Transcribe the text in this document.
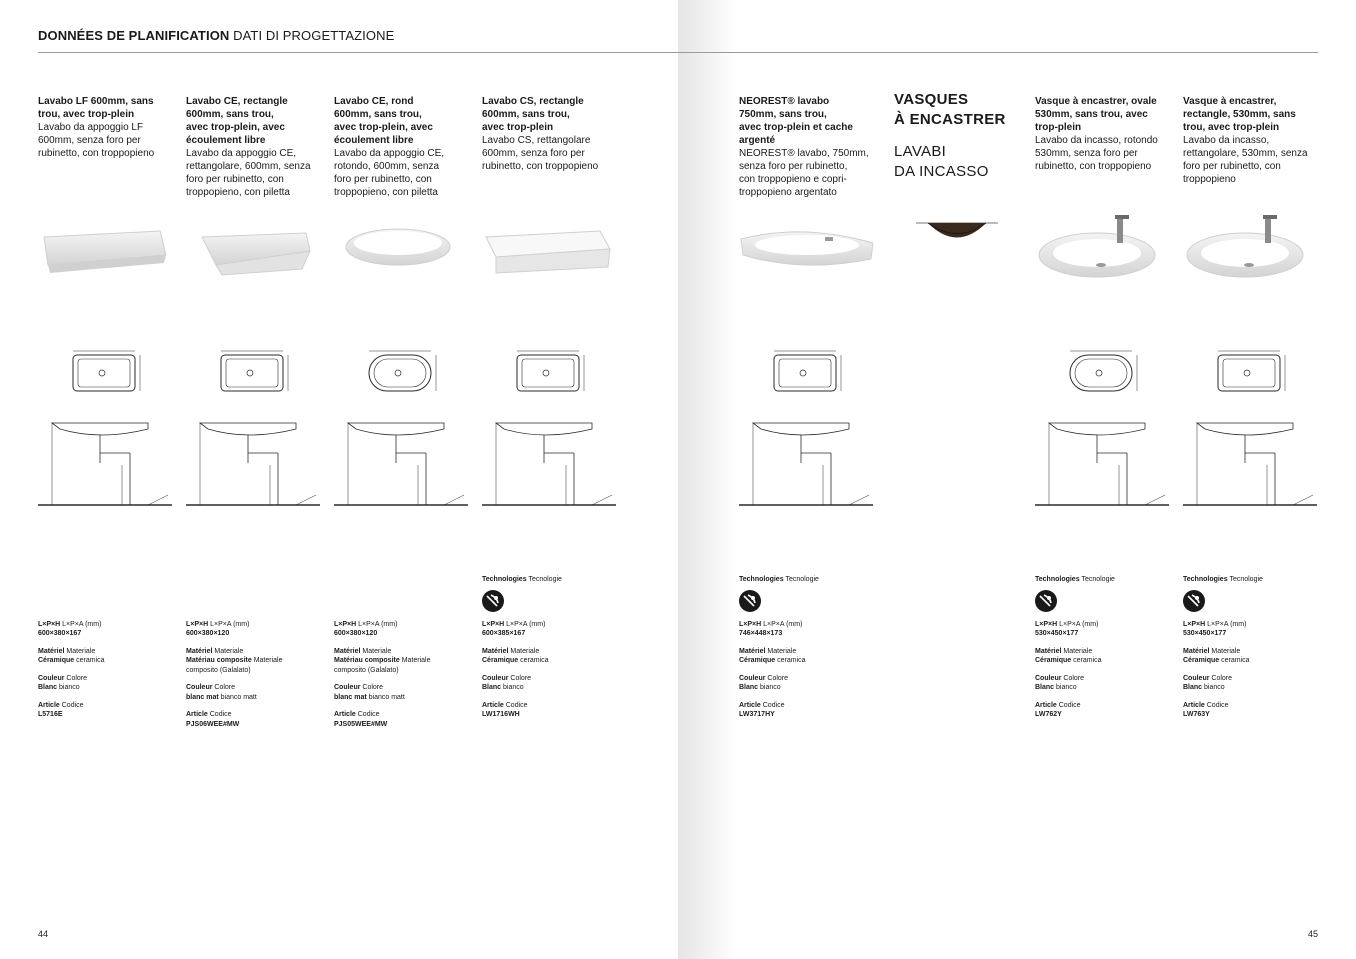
DONNÉES DE PLANIFICATION DATI DI PROGETTAZIONE
VASQUES
À ENCASTRER
LAVABI
DA INCASSO
Lavabo LF 600mm, sans
trou, avec trop-plein
Lavabo da appoggio LF
600mm, senza foro per
rubinetto, con troppopieno
L×P×H L×P×A (mm)
600×380×167
Matériel Materiale
Céramique ceramica
Couleur Colore
Blanc bianco
Article Codice
L5716E
Lavabo CE, rectangle
600mm, sans trou,
avec trop-plein, avec
écoulement libre
Lavabo da appoggio CE,
rettangolare, 600mm, senza
foro per rubinetto, con
troppopieno, con piletta
L×P×H L×P×A (mm)
600×380×120
Matériel Materiale
Matériau composite Materiale
composito (Galalato)
Couleur Colore
blanc mat bianco matt
Article Codice
PJS06WEE#MW
Lavabo CE, rond
600mm, sans trou,
avec trop-plein, avec
écoulement libre
Lavabo da appoggio CE,
rotondo, 600mm, senza
foro per rubinetto, con
troppopieno, con piletta
L×P×H L×P×A (mm)
600×380×120
Matériel Materiale
Matériau composite Materiale
composito (Galalato)
Couleur Colore
blanc mat bianco matt
Article Codice
PJS05WEE#MW
Lavabo CS, rectangle
600mm, sans trou,
avec trop-plein
Lavabo CS, rettangolare
600mm, senza foro per
rubinetto, con troppopieno
Technologies Tecnologie
L×P×H L×P×A (mm)
600×385×167
Matériel Materiale
Céramique ceramica
Couleur Colore
Blanc bianco
Article Codice
LW1716WH
NEOREST® lavabo
750mm, sans trou,
avec trop-plein et cache
argenté
NEOREST® lavabo, 750mm,
senza foro per rubinetto,
con troppopieno e copri-
troppopieno argentato
Technologies Tecnologie
L×P×H L×P×A (mm)
746×448×173
Matériel Materiale
Céramique ceramica
Couleur Colore
Blanc bianco
Article Codice
LW3717HY
Vasque à encastrer, ovale
530mm, sans trou, avec
trop-plein
Lavabo da incasso, rotondo
530mm, senza foro per
rubinetto, con troppopieno
Technologies Tecnologie
L×P×H L×P×A (mm)
530×450×177
Matériel Materiale
Céramique ceramica
Couleur Colore
Blanc bianco
Article Codice
LW762Y
Vasque à encastrer,
rectangle, 530mm, sans
trou, avec trop-plein
Lavabo da incasso,
rettangolare, 530mm, senza
foro per rubinetto, con
troppopieno
Technologies Tecnologie
L×P×H L×P×A (mm)
530×450×177
Matériel Materiale
Céramique ceramica
Couleur Colore
Blanc bianco
Article Codice
LW763Y
44	45
